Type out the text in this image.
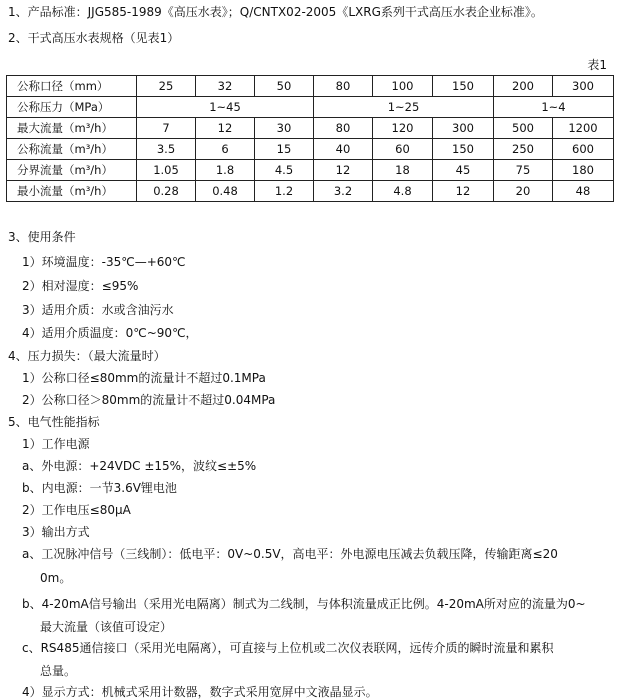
1、产品标准：JJG585-1989《高压水表》；Q/CNTX02-2005《LXRG系列干式高压水表企业标准》。
2、干式高压水表规格（见表1）
表1
公称口径（mm）	25	32	50	80	100	150	200	300
公称压力（MPa）	1~45			1~25			1~4	
最大流量（m³/h）	7	12	30	80	120	300	500	1200
公称流量（m³/h）	3.5	6	15	40	60	150	250	600
分界流量（m³/h）	1.05	1.8	4.5	12	18	45	75	180
最小流量（m³/h）	0.28	0.48	1.2	3.2	4.8	12	20	48
3、使用条件
1）环境温度：-35℃—+60℃
2）相对湿度：≤95%
3）适用介质：水或含油污水
4）适用介质温度：0℃~90℃，
4、压力损失：（最大流量时）
1）公称口径≤80mm的流量计不超过0.1MPa
2）公称口径＞80mm的流量计不超过0.04MPa
5、电气性能指标
1）工作电源
a、外电源：+24VDC ±15%，波纹≤±5%
b、内电源：一节3.6V锂电池
2）工作电压≤80μA
3）输出方式
a、工况脉冲信号（三线制）：低电平：0V~0.5V，高电平：外电源电压减去负载压降，传输距离≤20
0m。
b、4-20mA信号输出（采用光电隔离）制式为二线制，与体积流量成正比例。4-20mA所对应的流量为0~
最大流量（该值可设定）
c、RS485通信接口（采用光电隔离），可直接与上位机或二次仪表联网，远传介质的瞬时流量和累积
总量。
4）显示方式：机械式采用计数器，数字式采用宽屏中文液晶显示。
